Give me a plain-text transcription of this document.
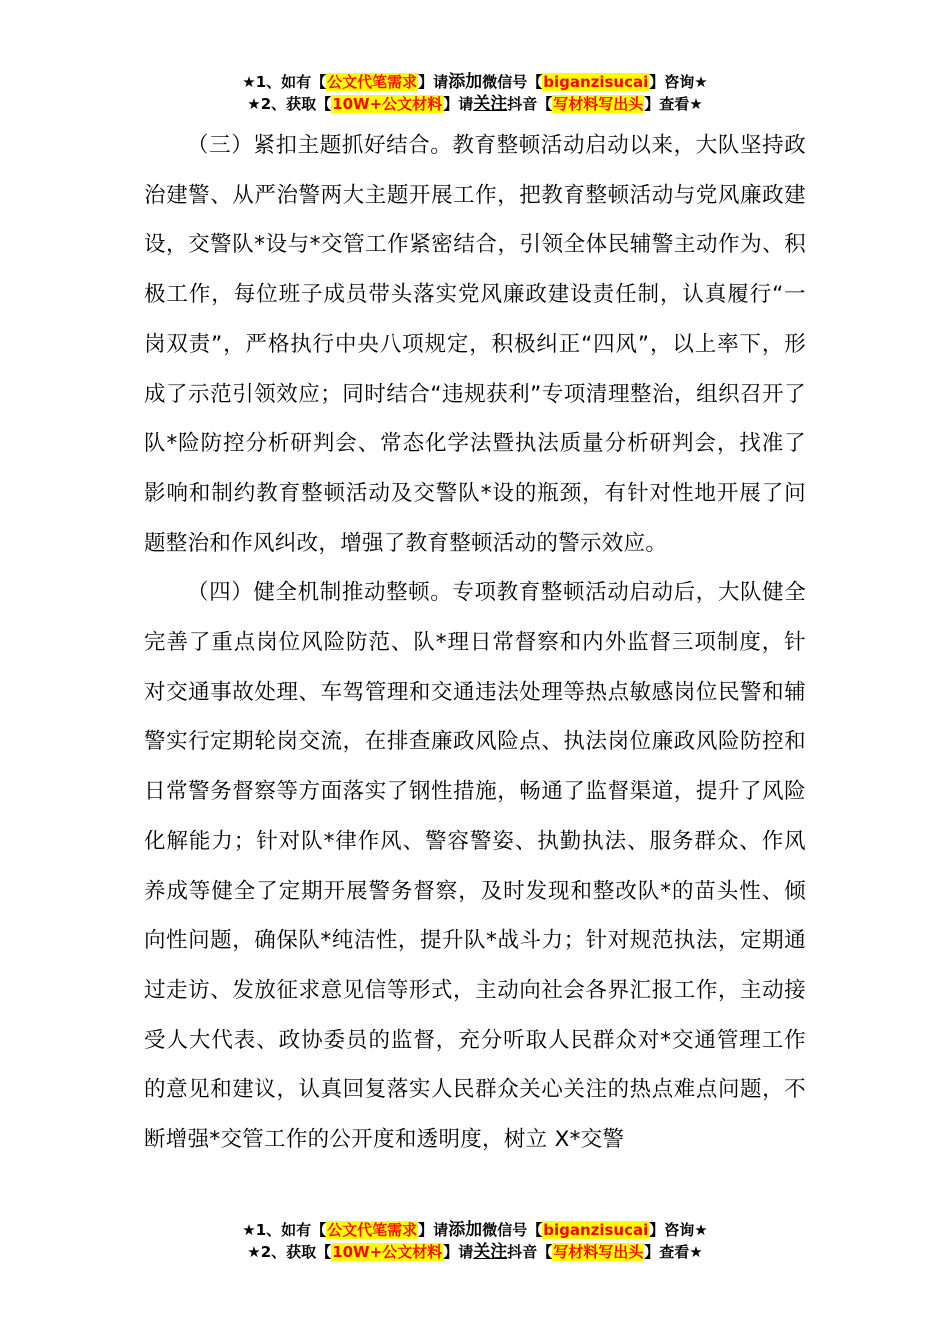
★1、如有【公文代笔需求】请添加微信号【biganzisucai】咨询★
★2、获取【10W+公文材料】请关注抖音【写材料写出头】查看★

（三）紧扣主题抓好结合。教育整顿活动启动以来，大队坚持政治建警、从严治警两大主题开展工作，把教育整顿活动与党风廉政建设，交警队*设与*交管工作紧密结合，引领全体民辅警主动作为、积极工作，每位班子成员带头落实党风廉政建设责任制，认真履行“一岗双责”，严格执行中央八项规定，积极纠正“四风”，以上率下，形成了示范引领效应；同时结合“违规获利”专项清理整治，组织召开了队*险防控分析研判会、常态化学法暨执法质量分析研判会，找准了影响和制约教育整顿活动及交警队*设的瓶颈，有针对性地开展了问题整治和作风纠改，增强了教育整顿活动的警示效应。

（四）健全机制推动整顿。专项教育整顿活动启动后，大队健全完善了重点岗位风险防范、队*理日常督察和内外监督三项制度，针对交通事故处理、车驾管理和交通违法处理等热点敏感岗位民警和辅警实行定期轮岗交流，在排查廉政风险点、执法岗位廉政风险防控和日常警务督察等方面落实了钢性措施，畅通了监督渠道，提升了风险化解能力；针对队*律作风、警容警姿、执勤执法、服务群众、作风养成等健全了定期开展警务督察，及时发现和整改队*的苗头性、倾向性问题，确保队*纯洁性，提升队*战斗力；针对规范执法，定期通过走访、发放征求意见信等形式，主动向社会各界汇报工作，主动接受人大代表、政协委员的监督，充分听取人民群众对*交通管理工作的意见和建议，认真回复落实人民群众关心关注的热点难点问题，不断增强*交管工作的公开度和透明度，树立 X*交警

★1、如有【公文代笔需求】请添加微信号【biganzisucai】咨询★
★2、获取【10W+公文材料】请关注抖音【写材料写出头】查看★
